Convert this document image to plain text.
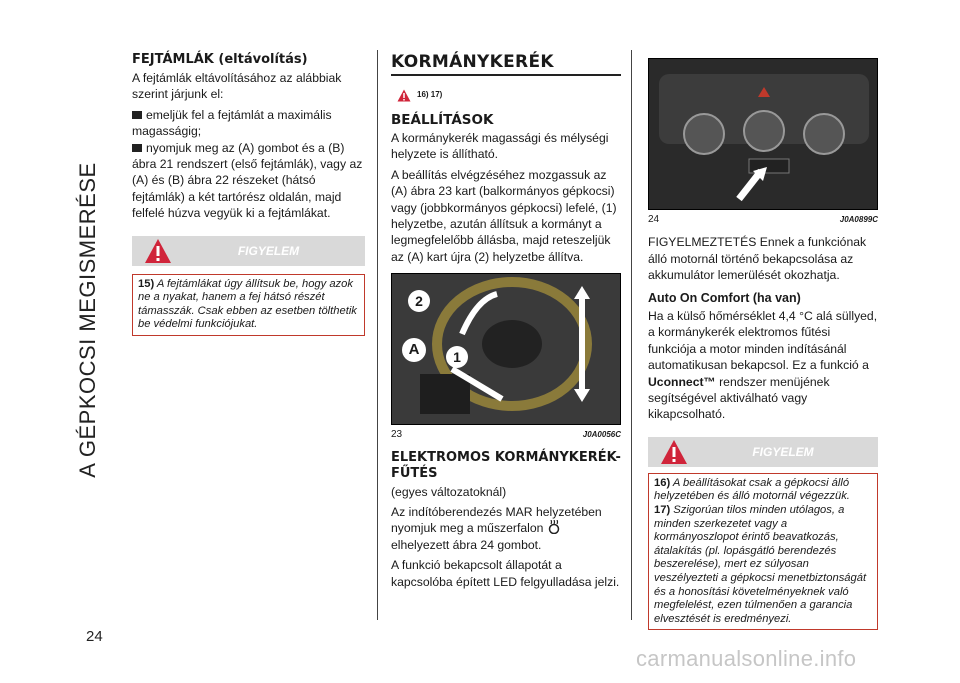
A GÉPKOCSI MEGISMERÉSE
24
FEJTÁMLÁK (eltávolítás)

A fejtámlák eltávolításához az alábbiak szerint járjunk el:

emeljük fel a fejtámlát a maximális magasságig;

nyomjuk meg az (A) gombot és a (B) ábra 21 rendszert (első fejtámlák), vagy az (A) és (B) ábra 22 részeket (hátsó fejtámlák) a két tartórész oldalán, majd felfelé húzva vegyük ki a fejtámlákat.

FIGYELEM
15) A fejtámlákat úgy állítsuk be, hogy azok ne a nyakat, hanem a fej hátsó részét támasszák. Csak ebben az esetben tölthetik be védelmi funkciójukat.
KORMÁNYKERÉK
16) 17)
BEÁLLÍTÁSOK

A kormánykerék magassági és mélységi helyzete is állítható.

A beállítás elvégzéséhez mozgassuk az (A) ábra 23 kart (balkormányos gépkocsi) vagy (jobbkormányos gépkocsi) lefelé, (1) helyzetbe, azután állítsuk a kormányt a legmegfelelőbb állásba, majd reteszeljük az (A) kart újra (2) helyzetbe állítva.

2
A	1
23	J0A0056C
ELEKTROMOS KORMÁNYKERÉK-FŰTÉS

(egyes változatoknál)

Az indítóberendezés MAR helyzetében nyomjuk meg a műszerfalon

elhelyezett ábra 24 gombot.

A funkció bekapcsolt állapotát a kapcsolóba épített LED felgyulladása jelzi.

24	J0A0899C

FIGYELMEZTETÉS Ennek a funkciónak álló motornál történő bekapcsolása az akkumulátor lemerülését okozhatja.

Auto On Comfort (ha van)

Ha a külső hőmérséklet 4,4 °C alá süllyed, a kormánykerék elektromos fűtési funkciója a motor minden indításánál automatikusan bekapcsol. Ez a funkció a Uconnect™ rendszer menüjének segítségével aktiválható vagy kikapcsolható.

FIGYELEM
16) A beállításokat csak a gépkocsi álló helyzetében és álló motornál végezzük.
17) Szigorúan tilos minden utólagos, a minden szerkezetet vagy a kormányoszlopot érintő beavatkozás, átalakítás (pl. lopásgátló berendezés beszerelése), mert ez súlyosan veszélyezteti a gépkocsi menetbiztonságát és a honosítási követelményeknek való megfelelést, ezen túlmenően a garancia elvesztését is eredményezi.
carmanualsonline.info
